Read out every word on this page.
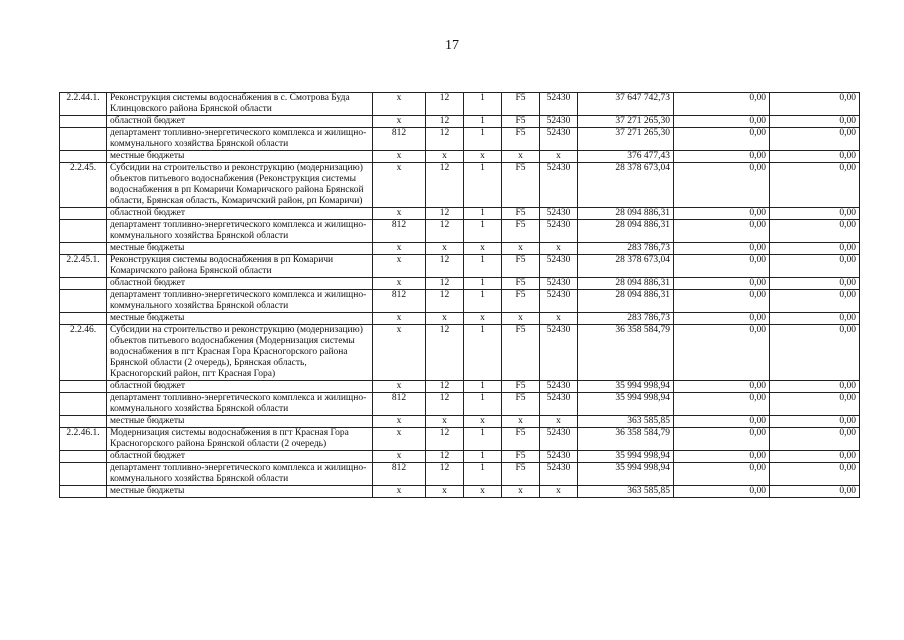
17
2.2.44.1.	Реконструкция системы водоснабжения в с. Смотрова Буда Клинцовского района Брянской области	х	12	1	F5	52430	37 647 742,73	0,00	0,00
	областной бюджет	х	12	1	F5	52430	37 271 265,30	0,00	0,00
	департамент топливно-энергетического комплекса и жилищно-коммунального хозяйства Брянской области	812	12	1	F5	52430	37 271 265,30	0,00	0,00
	местные бюджеты	х	х	х	х	х	376 477,43	0,00	0,00
2.2.45.	Субсидии на строительство и реконструкцию (модернизацию) объектов питьевого водоснабжения (Реконструкция системы водоснабжения в рп Комаричи Комаричского района Брянской области, Брянская область, Комаричский район, рп Комаричи)	х	12	1	F5	52430	28 378 673,04	0,00	0,00
	областной бюджет	х	12	1	F5	52430	28 094 886,31	0,00	0,00
	департамент топливно-энергетического комплекса и жилищно-коммунального хозяйства Брянской области	812	12	1	F5	52430	28 094 886,31	0,00	0,00
	местные бюджеты	х	х	х	х	х	283 786,73	0,00	0,00
2.2.45.1.	Реконструкция системы водоснабжения в рп Комаричи Комаричского района Брянской области	х	12	1	F5	52430	28 378 673,04	0,00	0,00
	областной бюджет	х	12	1	F5	52430	28 094 886,31	0,00	0,00
	департамент топливно-энергетического комплекса и жилищно-коммунального хозяйства Брянской области	812	12	1	F5	52430	28 094 886,31	0,00	0,00
	местные бюджеты	х	х	х	х	х	283 786,73	0,00	0,00
2.2.46.	Субсидии на строительство и реконструкцию (модернизацию) объектов питьевого водоснабжения (Модернизация системы водоснабжения в пгт Красная Гора Красногорского района Брянской области (2 очередь), Брянская область, Красногорский район, пгт Красная Гора)	х	12	1	F5	52430	36 358 584,79	0,00	0,00
	областной бюджет	х	12	1	F5	52430	35 994 998,94	0,00	0,00
	департамент топливно-энергетического комплекса и жилищно-коммунального хозяйства Брянской области	812	12	1	F5	52430	35 994 998,94	0,00	0,00
	местные бюджеты	х	х	х	х	х	363 585,85	0,00	0,00
2.2.46.1.	Модернизация системы водоснабжения в пгт Красная Гора Красногорского района Брянской области (2 очередь)	х	12	1	F5	52430	36 358 584,79	0,00	0,00
	областной бюджет	х	12	1	F5	52430	35 994 998,94	0,00	0,00
	департамент топливно-энергетического комплекса и жилищно-коммунального хозяйства Брянской области	812	12	1	F5	52430	35 994 998,94	0,00	0,00
	местные бюджеты	х	х	х	х	х	363 585,85	0,00	0,00
